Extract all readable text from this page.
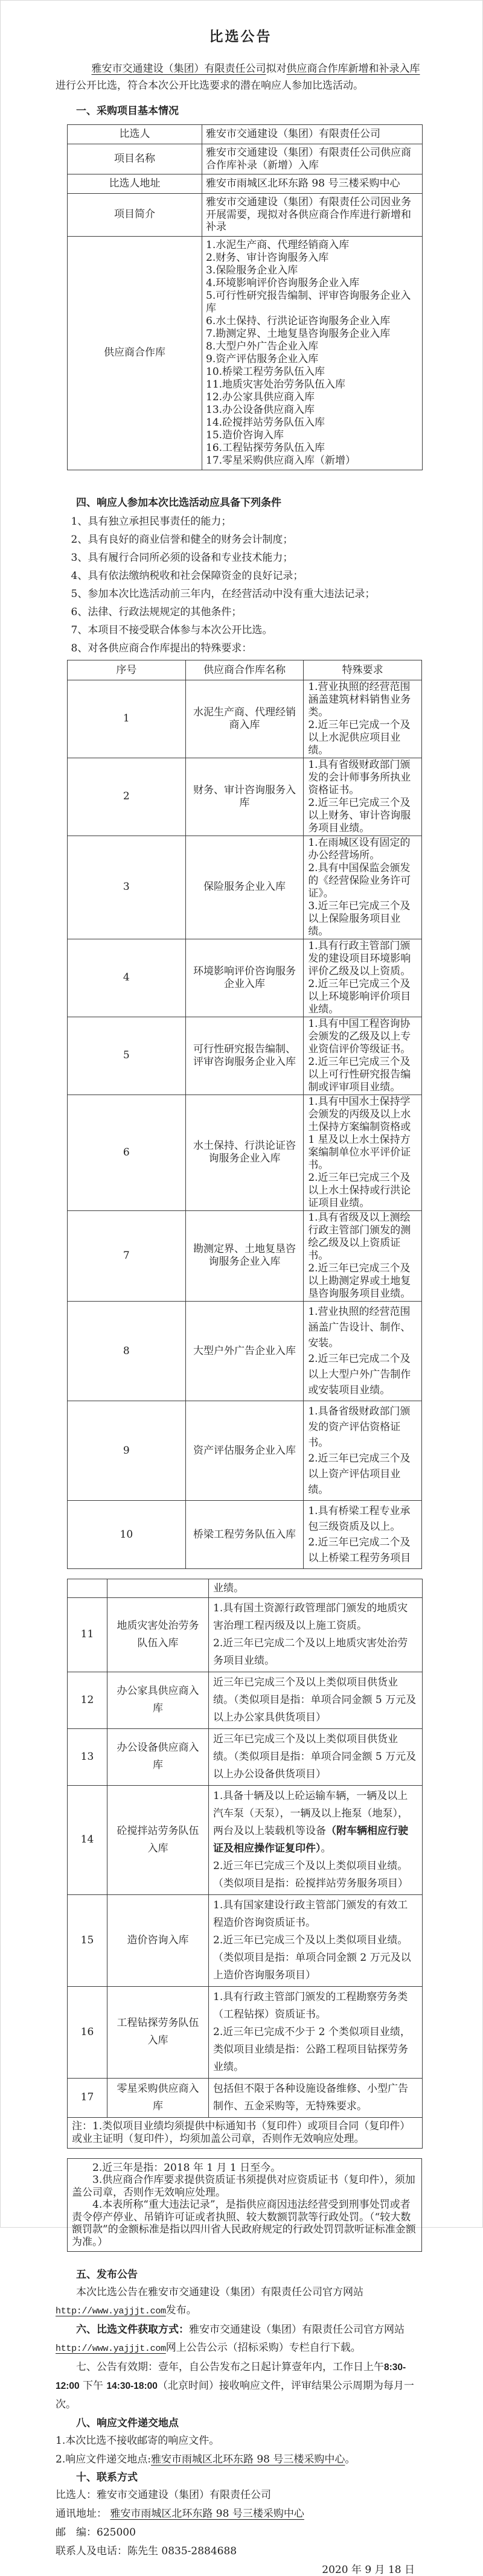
比选公告

雅安市交通建设（集团）有限责任公司拟对供应商合作库新增和补录入库进行公开比选，符合本次公开比选要求的潜在响应人参加比选活动。

一、采购项目基本情况

比选人	雅安市交通建设（集团）有限责任公司
项目名称	雅安市交通建设（集团）有限责任公司供应商合作库补录（新增）入库
比选人地址	雅安市雨城区北环东路 98 号三楼采购中心
项目简介	雅安市交通建设（集团）有限责任公司因业务开展需要，现拟对各供应商合作库进行新增和补录
供应商合作库	

1.水泥生产商、代理经销商入库

2.财务、审计咨询服务入库

3.保险服务企业入库

4.环境影响评价咨询服务企业入库

5.可行性研究报告编制、评审咨询服务企业入库

6.水土保持、行洪论证咨询服务企业入库

7.勘测定界、土地复垦咨询服务企业入库

8.大型户外广告企业入库

9.资产评估服务企业入库

10.桥梁工程劳务队伍入库

11.地质灾害处治劳务队伍入库

12.办公家具供应商入库

13.办公设备供应商入库

14.砼搅拌站劳务队伍入库

15.造价咨询入库

16.工程钻探劳务队伍入库

17.零星采购供应商入库（新增）

四、响应人参加本次比选活动应具备下列条件

1、具有独立承担民事责任的能力；

2、具有良好的商业信誉和健全的财务会计制度；

3、具有履行合同所必须的设备和专业技术能力；

4、具有依法缴纳税收和社会保障资金的良好记录；

5、参加本次比选活动前三年内，在经营活动中没有重大违法记录；

6、法律、行政法规规定的其他条件；

7、本项目不接受联合体参与本次公开比选。

8、对各供应商合作库提出的特殊要求：

序号	供应商合作库名称	特殊要求
1	水泥生产商、代理经销商入库	1.营业执照的经营范围涵盖建筑材料销售业务类。

2.近三年已完成一个及以上水泥供应项目业绩。

2	财务、审计咨询服务入库	1.具有省级财政部门颁发的会计师事务所执业资格证书。

2.近三年已完成三个及以上财务、审计咨询服务项目业绩。

3	保险服务企业入库	1.在雨城区设有固定的办公经营场所。

2.具有中国保监会颁发的《经营保险业务许可证》。

3.近三年已完成三个及以上保险服务项目业绩。

4	环境影响评价咨询服务企业入库	1.具有行政主管部门颁发的建设项目环境影响评价乙级及以上资质。

2.近三年已完成三个及以上环境影响评价项目业绩。

5	可行性研究报告编制、评审咨询服务企业入库	1.具有中国工程咨询协会颁发的乙级及以上专业资信评价等级证书。

2.近三年已完成三个及以上可行性研究报告编制或评审项目业绩。

6	水土保持、行洪论证咨询服务企业入库	1.具有中国水土保持学会颁发的丙级及以上水土保持方案编制资格或 1 星及以上水土保持方案编制单位水平评价证书。

2.近三年已完成三个及以上水土保持或行洪论证项目业绩。

7	勘测定界、土地复垦咨询服务企业入库	1.具有省级及以上测绘行政主管部门颁发的测绘乙级及以上资质证书。

2.近三年已完成三个及以上勘测定界或土地复垦咨询服务项目业绩。

8	大型户外广告企业入库	1.营业执照的经营范围涵盖广告设计、制作、安装。

2.近三年已完成二个及以上大型户外广告制作或安装项目业绩。

9	资产评估服务企业入库	1.具备省级财政部门颁发的资产评估资格证书。

2.近三年已完成三个及以上资产评估项目业绩。

10	桥梁工程劳务队伍入库	1.具有桥梁工程专业承包三级资质及以上。

2.近三年已完成二个及以上桥梁工程劳务项目

		业绩。
11	地质灾害处治劳务队伍入库	1.具有国土资源行政管理部门颁发的地质灾害治理工程丙级及以上施工资质。

2.近三年已完成二个及以上地质灾害处治劳务项目业绩。

12	办公家具供应商入库	近三年已完成三个及以上类似项目供货业绩。（类似项目是指：单项合同金额 5 万元及以上办公家具供货项目）

13	办公设备供应商入库	近三年已完成三个及以上类似项目供货业绩。（类似项目是指：单项合同金额 5 万元及以上办公设备供货项目）

14	砼搅拌站劳务队伍入库	1.具备十辆及以上砼运输车辆，一辆及以上汽车泵（天泵），一辆及以上拖泵（地泵），两台及以上装载机等设备（附车辆相应行驶证及相应操作证复印件）。

2.近三年已完成三个及以上类似项目业绩。（类似项目是指：砼搅拌站劳务服务项目）

15	造价咨询入库	1.具有国家建设行政主管部门颁发的有效工程造价咨询资质证书。

2.近三年已完成三个及以上类似项目业绩。（类似项目是指：单项合同金额 2 万元及以上造价咨询服务项目）

16	工程钻探劳务队伍入库	1.具有行政主管部门颁发的工程勘察劳务类（工程钻探）资质证书。

2.近三年已完成不少于 2 个类似项目业绩，类似项目业绩是指：公路工程项目钻探劳务业绩。

17	零星采购供应商入库	包括但不限于各种设施设备维修、小型广告制作、五金采购等，无特殊要求。

注：1.类似项目业绩均须提供中标通知书（复印件）或项目合同（复印件）或业主证明（复印件），均须加盖公司章，否则作无效响应处理。		

2.近三年是指：2018 年 1 月 1 日至今。

3.供应商合作库要求提供资质证书须提供对应资质证书（复印件），须加盖公司章，否则作无效响应处理。

4.本表所称“重大违法记录”，是指供应商因违法经营受到刑事处罚或者责令停产停业、吊销许可证或者执照、较大数额罚款等行政处罚。（“较大数额罚款”的金额标准是指以四川省人民政府规定的行政处罚罚款听证标准金额为准。）

五、发布公告

本次比选公告在雅安市交通建设（集团）有限责任公司官方网站http://www.yajjjt.com发布。

六、比选文件获取方式：雅安市交通建设（集团）有限责任公司官方网站http://www.yajjjt.com网上公告公示（招标采购）专栏自行下载。

七、公告有效期：壹年，自公告发布之日起计算壹年内，工作日上午8:30-12:00 下午 14:30-18:00（北京时间）接收响应文件，评审结果公示周期为每月一次。

八、响应文件递交地点

1.本次比选不接收邮寄的响应文件。

2.响应文件递交地点:雅安市雨城区北环东路 98 号三楼采购中心。

十、联系方式

比选人：雅安市交通建设（集团）有限责任公司

通讯地址： 雅安市雨城区北环东路 98 号三楼采购中心

邮　编：625000

联系人及电话：陈先生 0835-2884688

2020 年 9 月 18 日
